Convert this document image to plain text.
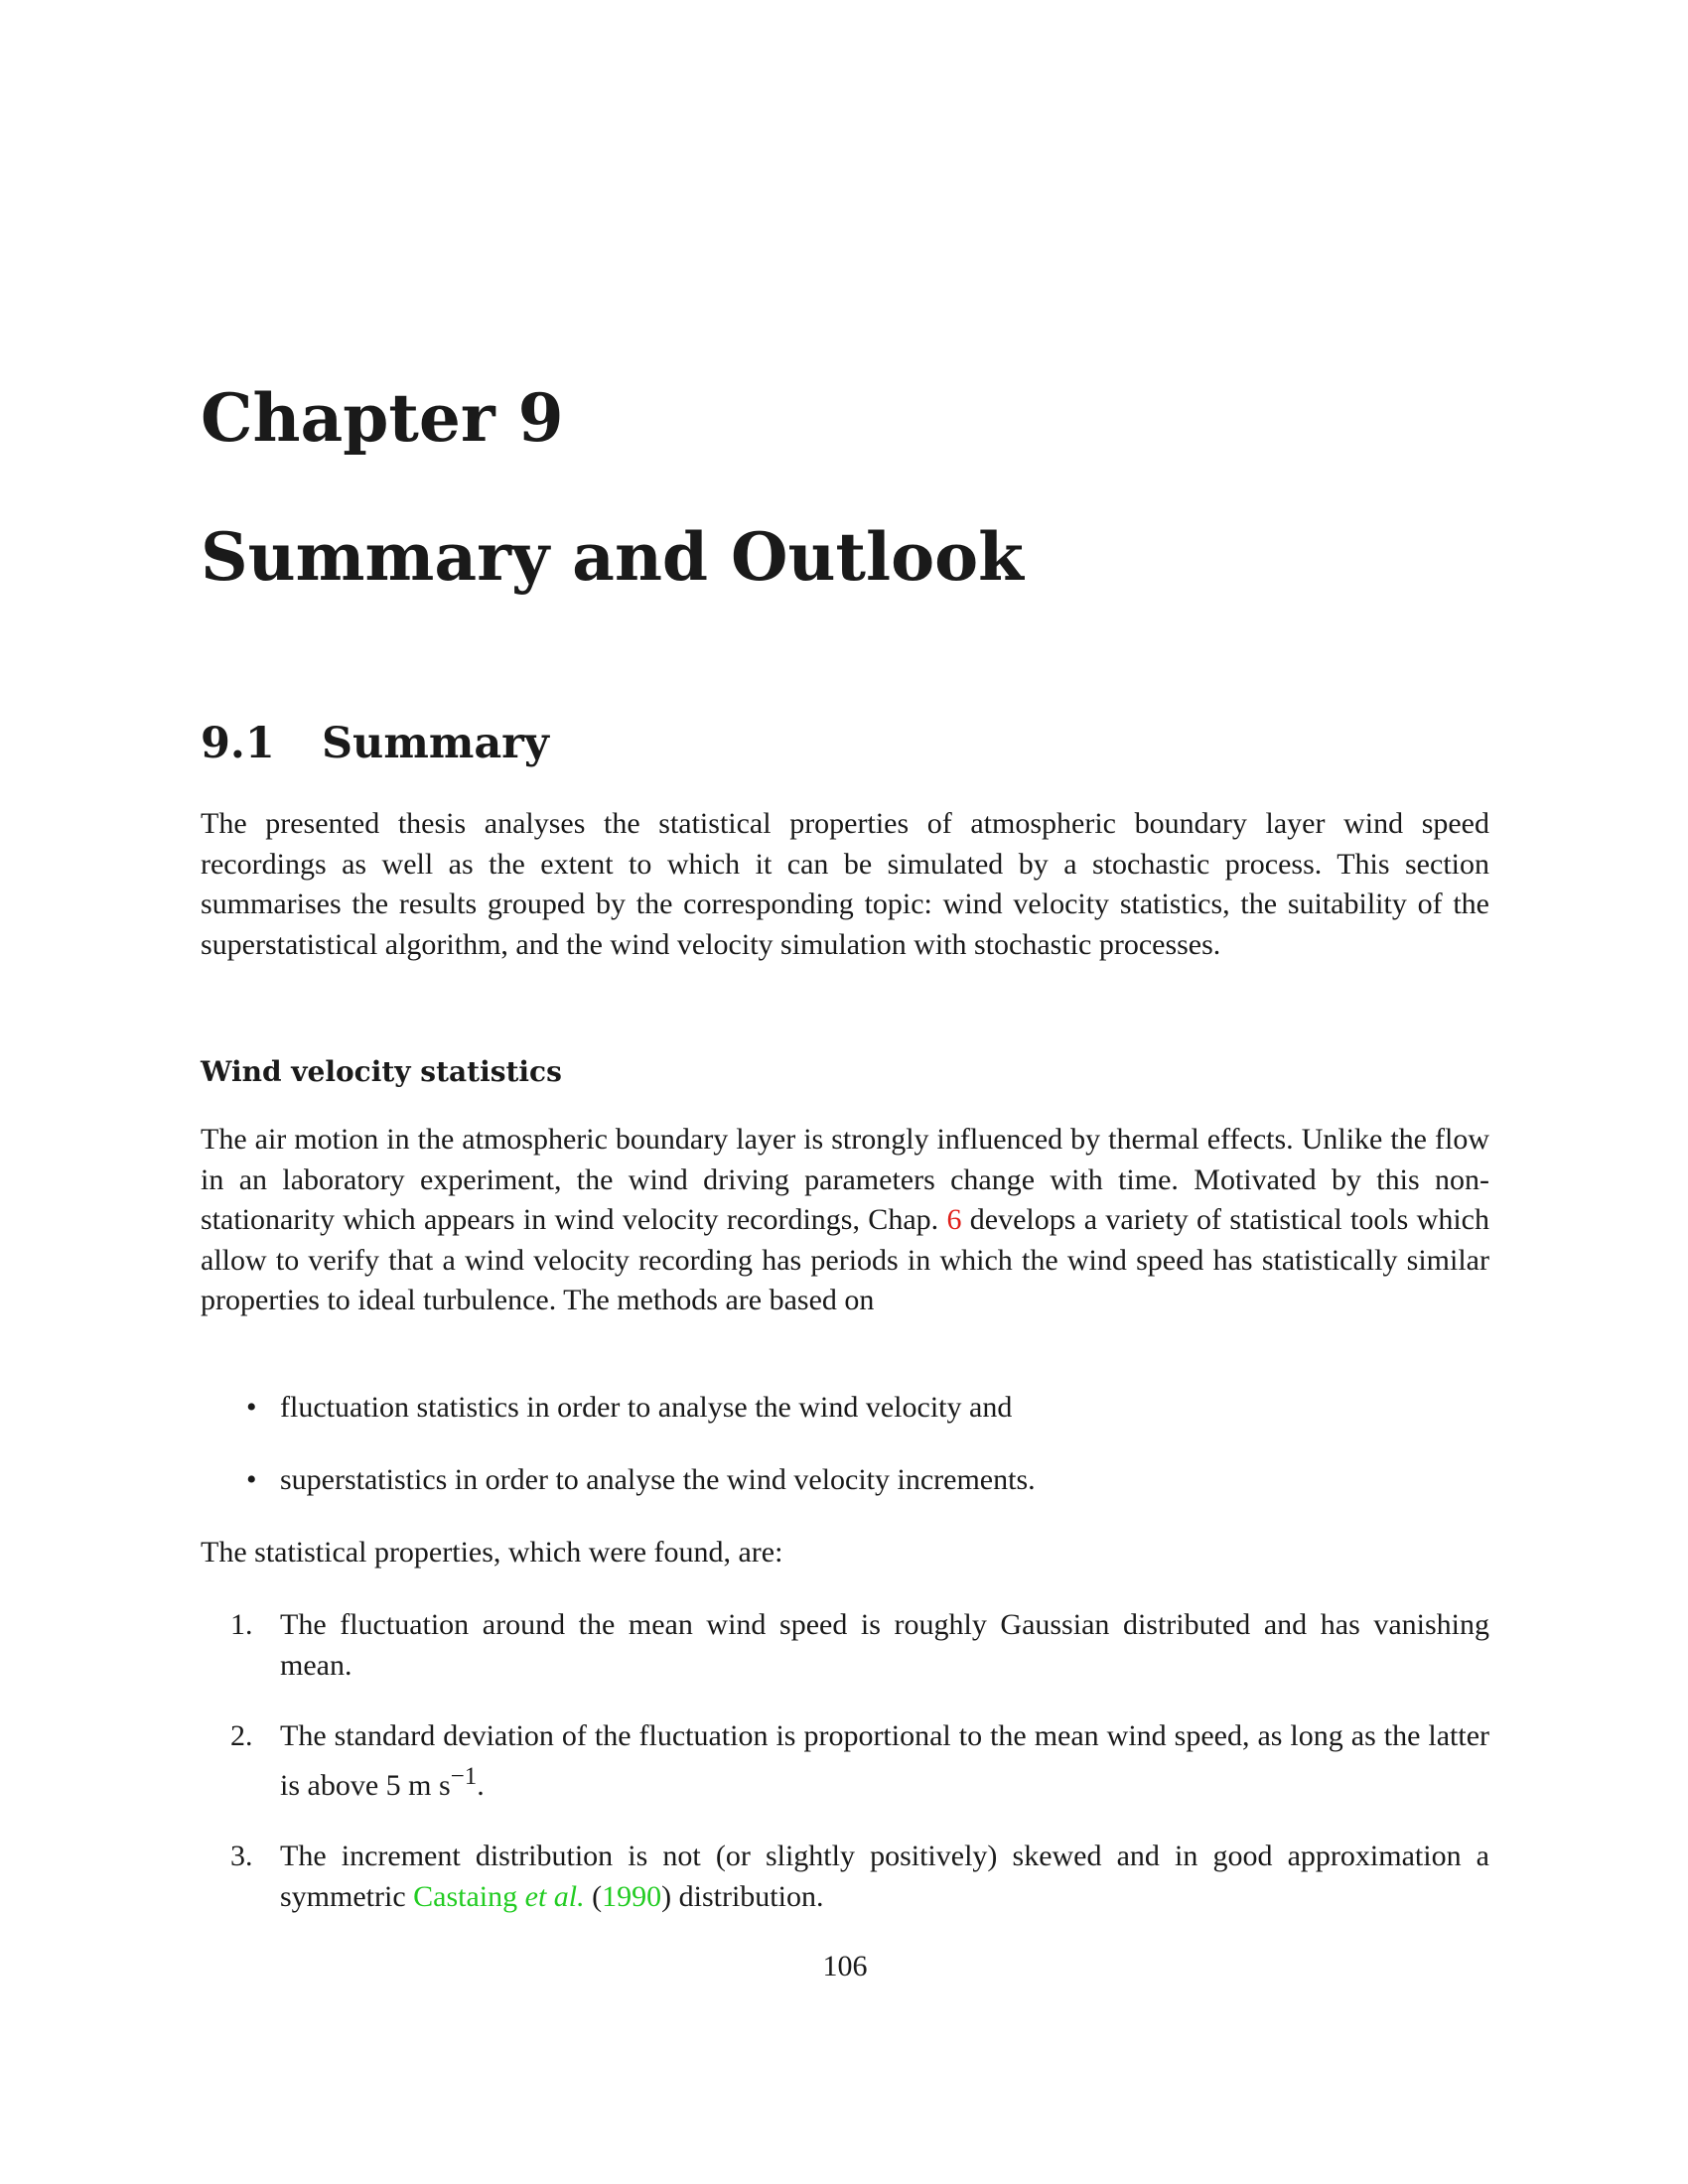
Chapter 9
Summary and Outlook
9.1 Summary

The presented thesis analyses the statistical properties of atmospheric boundary layer wind speed recordings as well as the extent to which it can be simulated by a stochastic process. This section summarises the results grouped by the corresponding topic: wind velocity statistics, the suitability of the superstatistical algorithm, and the wind velocity simulation with stochastic processes.

Wind velocity statistics

The air motion in the atmospheric boundary layer is strongly influenced by thermal effects. Unlike the flow in an laboratory experiment, the wind driving parameters change with time. Motivated by this non-stationarity which appears in wind velocity recordings, Chap. 6 develops a variety of statistical tools which allow to verify that a wind velocity recording has periods in which the wind speed has statistically similar properties to ideal turbulence. The methods are based on

• fluctuation statistics in order to analyse the wind velocity and
• superstatistics in order to analyse the wind velocity increments.

The statistical properties, which were found, are:

1. The fluctuation around the mean wind speed is roughly Gaussian distributed and has vanishing mean.
2. The standard deviation of the fluctuation is proportional to the mean wind speed, as long as the latter is above 5 m $s^{-1}$.
3. The increment distribution is not (or slightly positively) skewed and in good approximation a symmetric Castaing et al. (1990) distribution.
106
